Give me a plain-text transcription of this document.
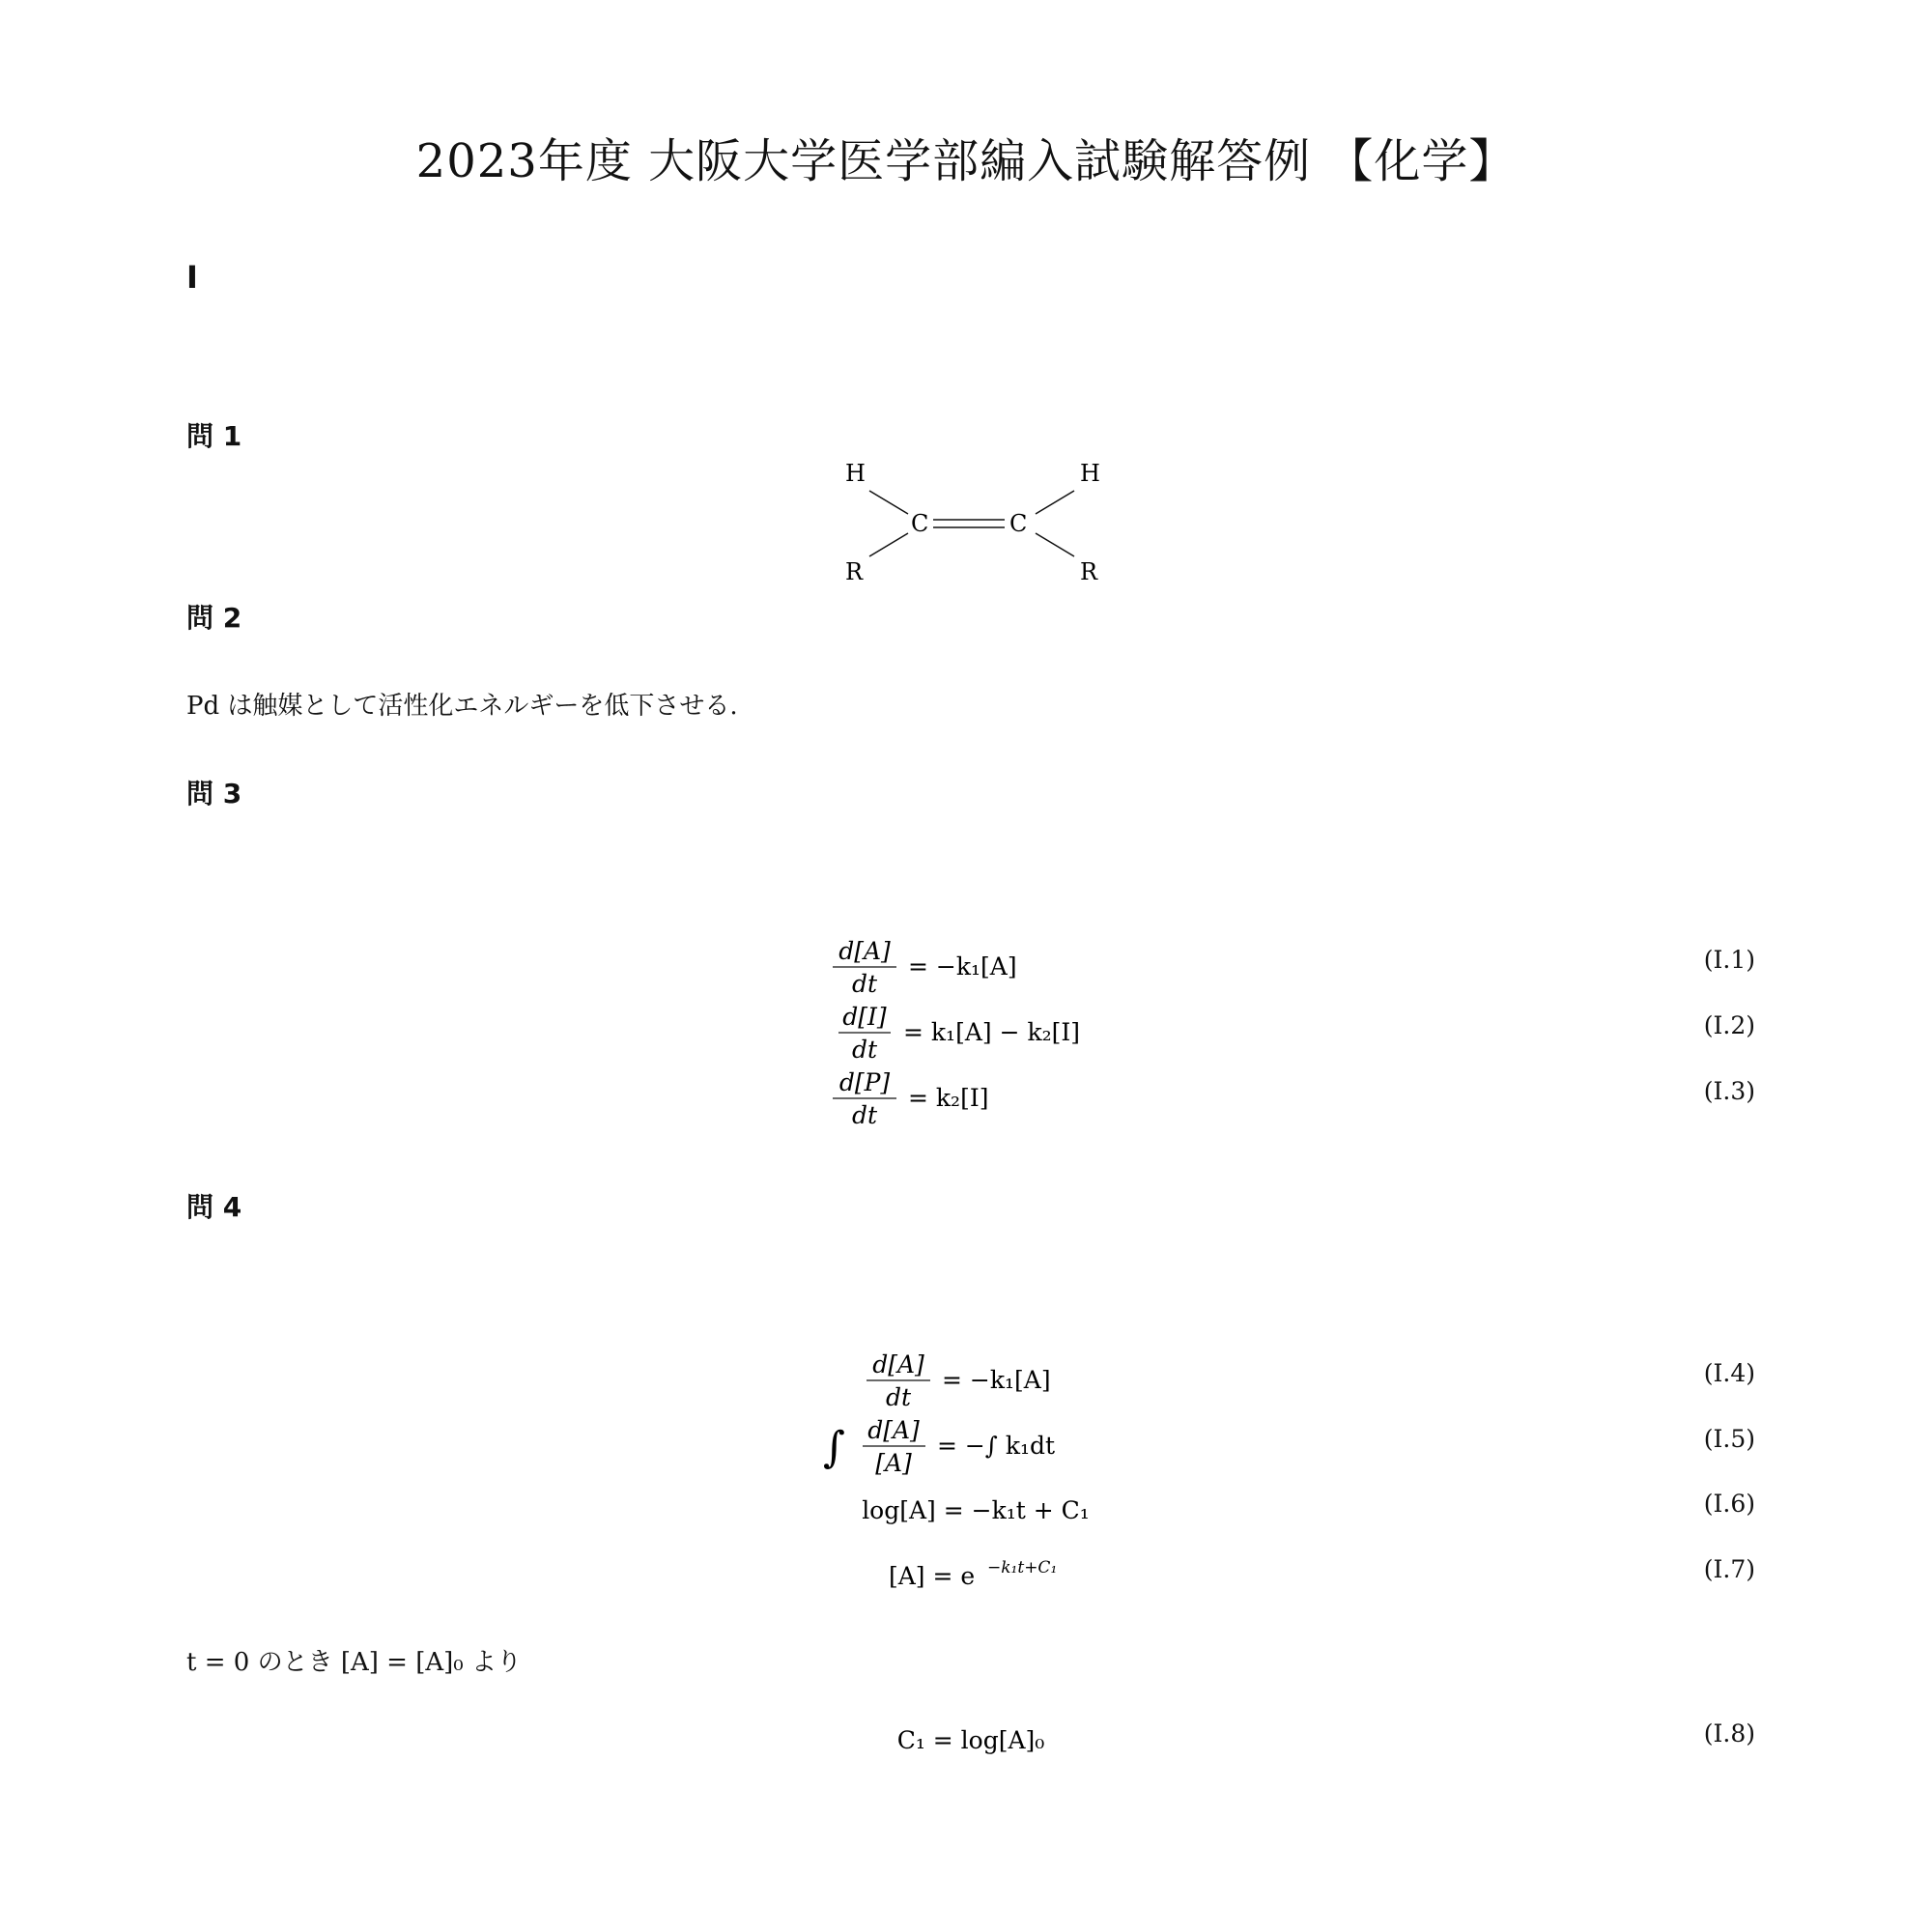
2023年度 大阪大学医学部編入試験解答例 【化学】
I
問 1
H	H
R	R
C	C
問 2
Pd は触媒として活性化エネルギーを低下させる.
問 3
d[A]
dt
= −k₁[A]	(I.1)
d[I]
dt
= k₁[A] − k₂[I]	(I.2)
d[P]
dt
= k₂[I]	(I.3)
問 4
d[A]
dt
= −k₁[A]	(I.4)
∫ d[A]
[A]
= −∫ k₁dt	(I.5)
log[A] = −k₁t + C₁	(I.6)
[A] = e −k₁t+C₁	(I.7)
t = 0 のとき [A] = [A]₀ より
C₁ = log[A]₀	(I.8)
